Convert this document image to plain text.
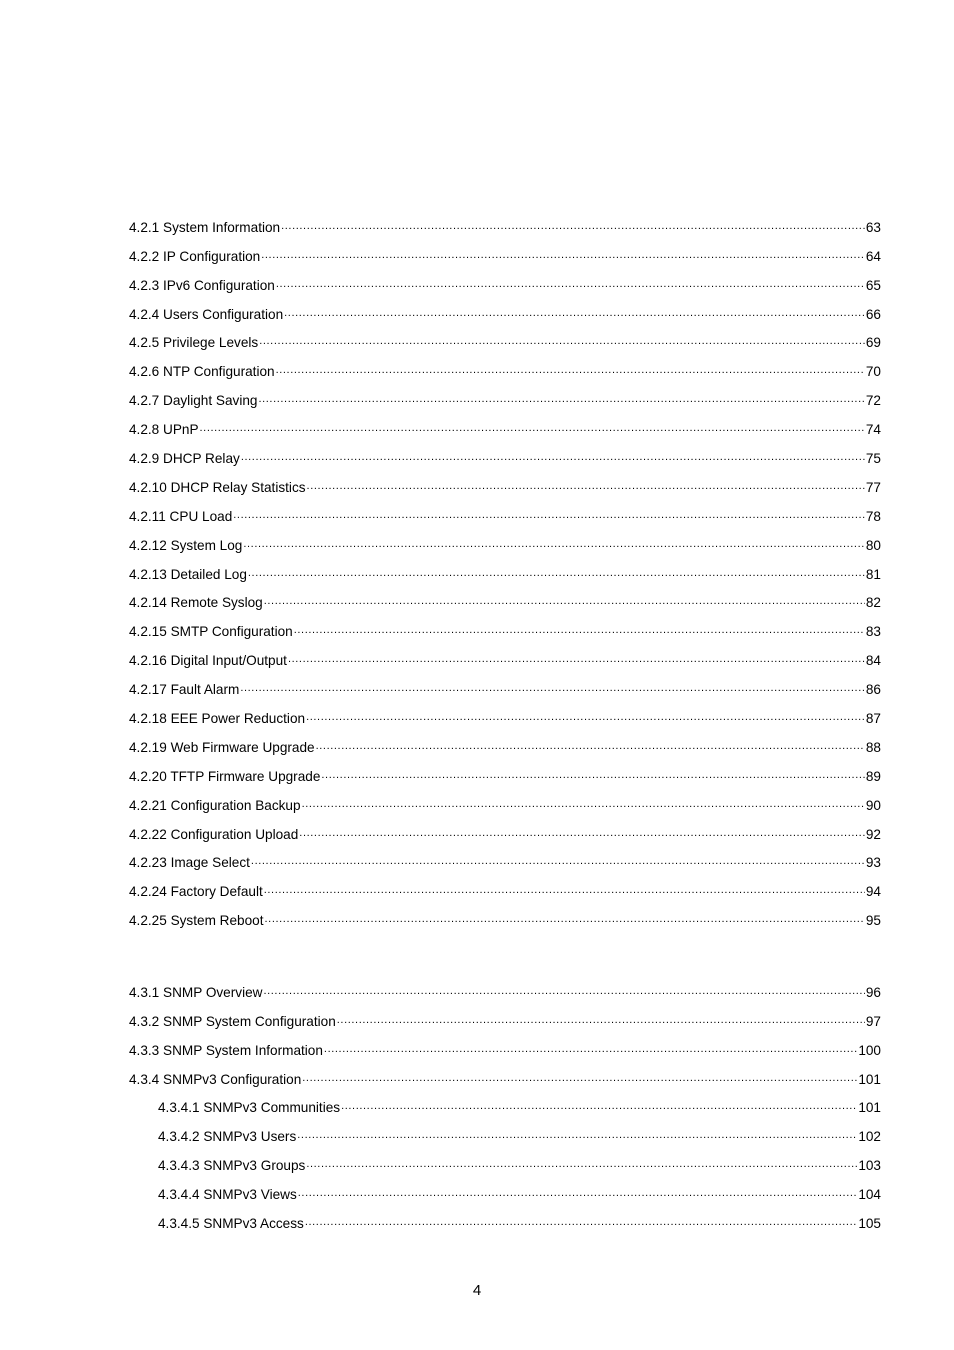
4.2.1 System Information .....	63
4.2.2 IP Configuration .....	64
4.2.3 IPv6 Configuration .....	65
4.2.4 Users Configuration .....	66
4.2.5 Privilege Levels .....	69
4.2.6 NTP Configuration .....	70
4.2.7 Daylight Saving .....	72
4.2.8 UPnP .....	74
4.2.9 DHCP Relay .....	75
4.2.10 DHCP Relay Statistics .....	77
4.2.11 CPU Load .....	78
4.2.12 System Log .....	80
4.2.13 Detailed Log .....	81
4.2.14 Remote Syslog .....	82
4.2.15 SMTP Configuration .....	83
4.2.16 Digital Input/Output .....	84
4.2.17 Fault Alarm .....	86
4.2.18 EEE Power Reduction .....	87
4.2.19 Web Firmware Upgrade .....	88
4.2.20 TFTP Firmware Upgrade .....	89
4.2.21 Configuration Backup .....	90
4.2.22 Configuration Upload .....	92
4.2.23 Image Select .....	93
4.2.24 Factory Default .....	94
4.2.25 System Reboot .....	95
4.3.1 SNMP Overview .....	96
4.3.2 SNMP System Configuration .....	97
4.3.3 SNMP System Information .....	100
4.3.4 SNMPv3 Configuration .....	101
4.3.4.1 SNMPv3 Communities .....	101
4.3.4.2 SNMPv3 Users .....	102
4.3.4.3 SNMPv3 Groups .....	103
4.3.4.4 SNMPv3 Views .....	104
4.3.4.5 SNMPv3 Access .....	105
4
